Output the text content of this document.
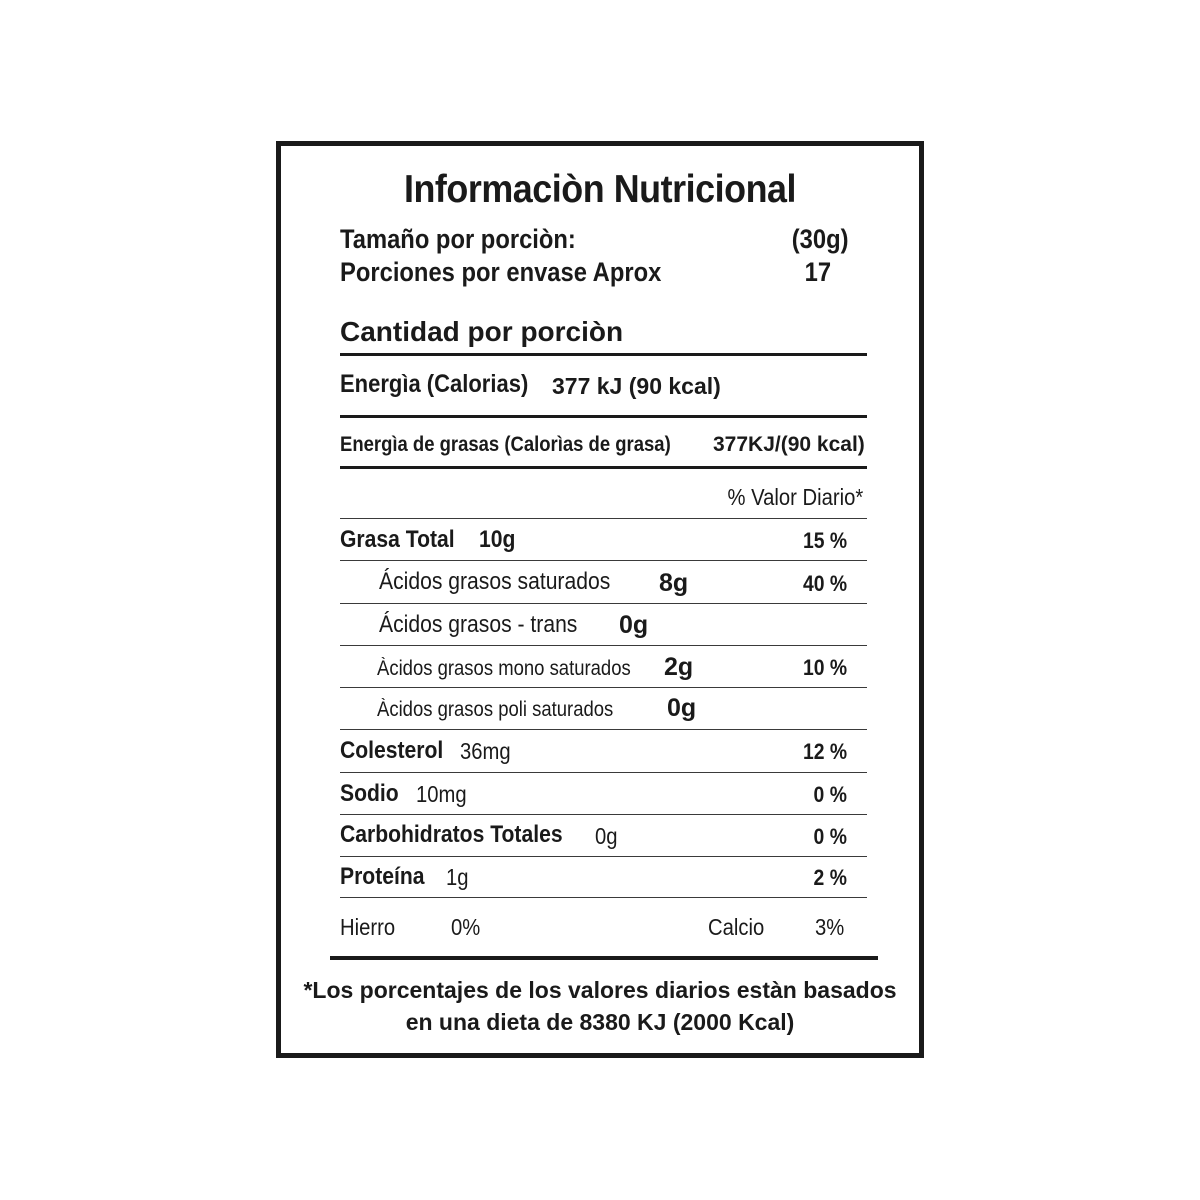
Informaciòn Nutricional
Tamaño por porciòn:	(30g)
Porciones por envase Aprox	17
Cantidad por porciòn
Energìa (Calorias) 377 kJ (90 kcal)
Energìa de grasas (Calorìas de grasa) 377KJ/(90 kcal)
% Valor Diario*
Grasa Total 10g	15 %
Ácidos grasos saturados 8g	40 %
Ácidos grasos - trans 0g
Àcidos grasos mono saturados 2g	10 %
Àcidos grasos poli saturados 0g
Colesterol 36mg	12 %
Sodio 10mg	0 %
Carbohidratos Totales 0g	0 %
Proteína 1g	2 %
Hierro 0%	Calcio 3%
*Los porcentajes de los valores diarios estàn basados
en una dieta de 8380 KJ (2000 Kcal)
